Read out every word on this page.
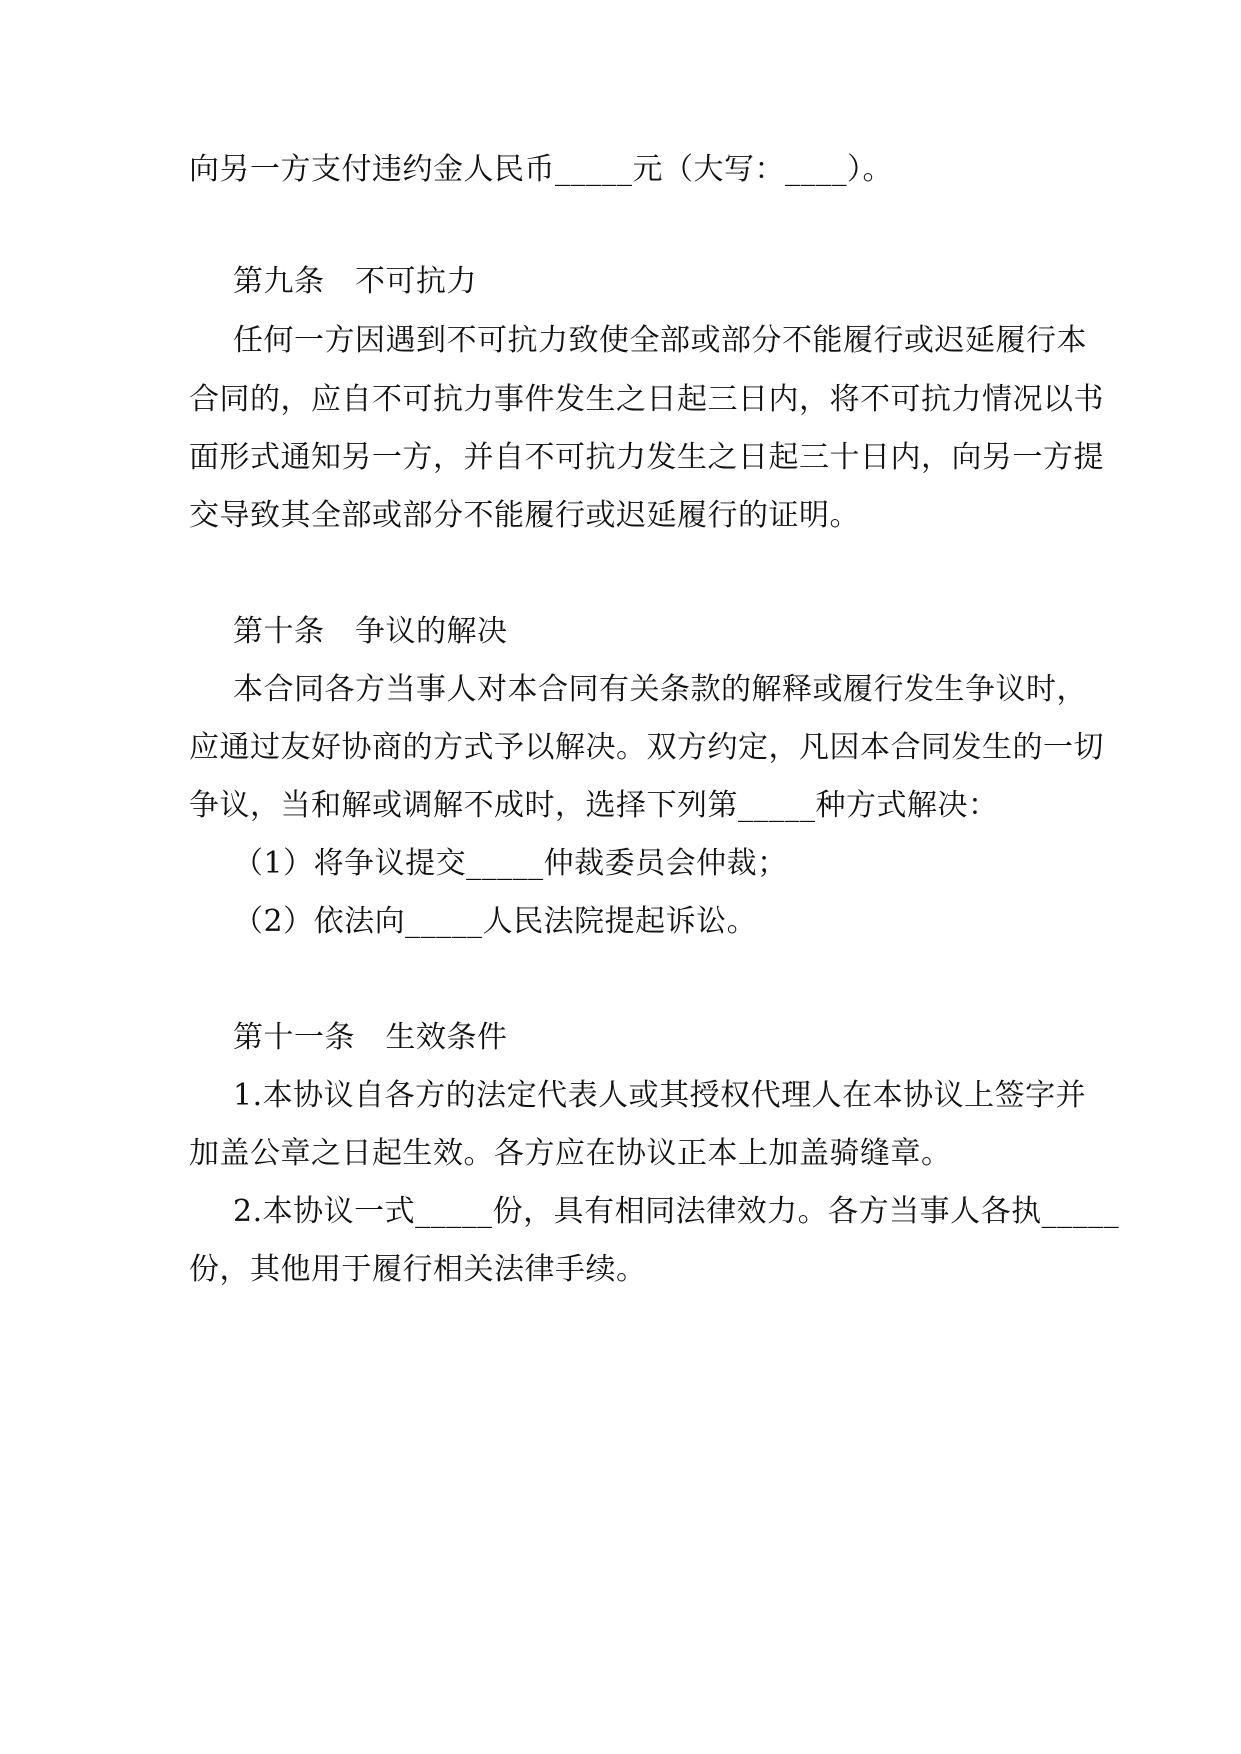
向另一方支付违约金人民币_____元（大写：____）。
第九条　不可抗力
任何一方因遇到不可抗力致使全部或部分不能履行或迟延履行本
合同的，应自不可抗力事件发生之日起三日内，将不可抗力情况以书
面形式通知另一方，并自不可抗力发生之日起三十日内，向另一方提
交导致其全部或部分不能履行或迟延履行的证明。
第十条　争议的解决
本合同各方当事人对本合同有关条款的解释或履行发生争议时，
应通过友好协商的方式予以解决。双方约定，凡因本合同发生的一切
争议，当和解或调解不成时，选择下列第_____种方式解决：
（1）将争议提交_____仲裁委员会仲裁；
（2）依法向_____人民法院提起诉讼。
第十一条　生效条件
1.本协议自各方的法定代表人或其授权代理人在本协议上签字并
加盖公章之日起生效。各方应在协议正本上加盖骑缝章。
2.本协议一式_____份，具有相同法律效力。各方当事人各执_____
份，其他用于履行相关法律手续。
